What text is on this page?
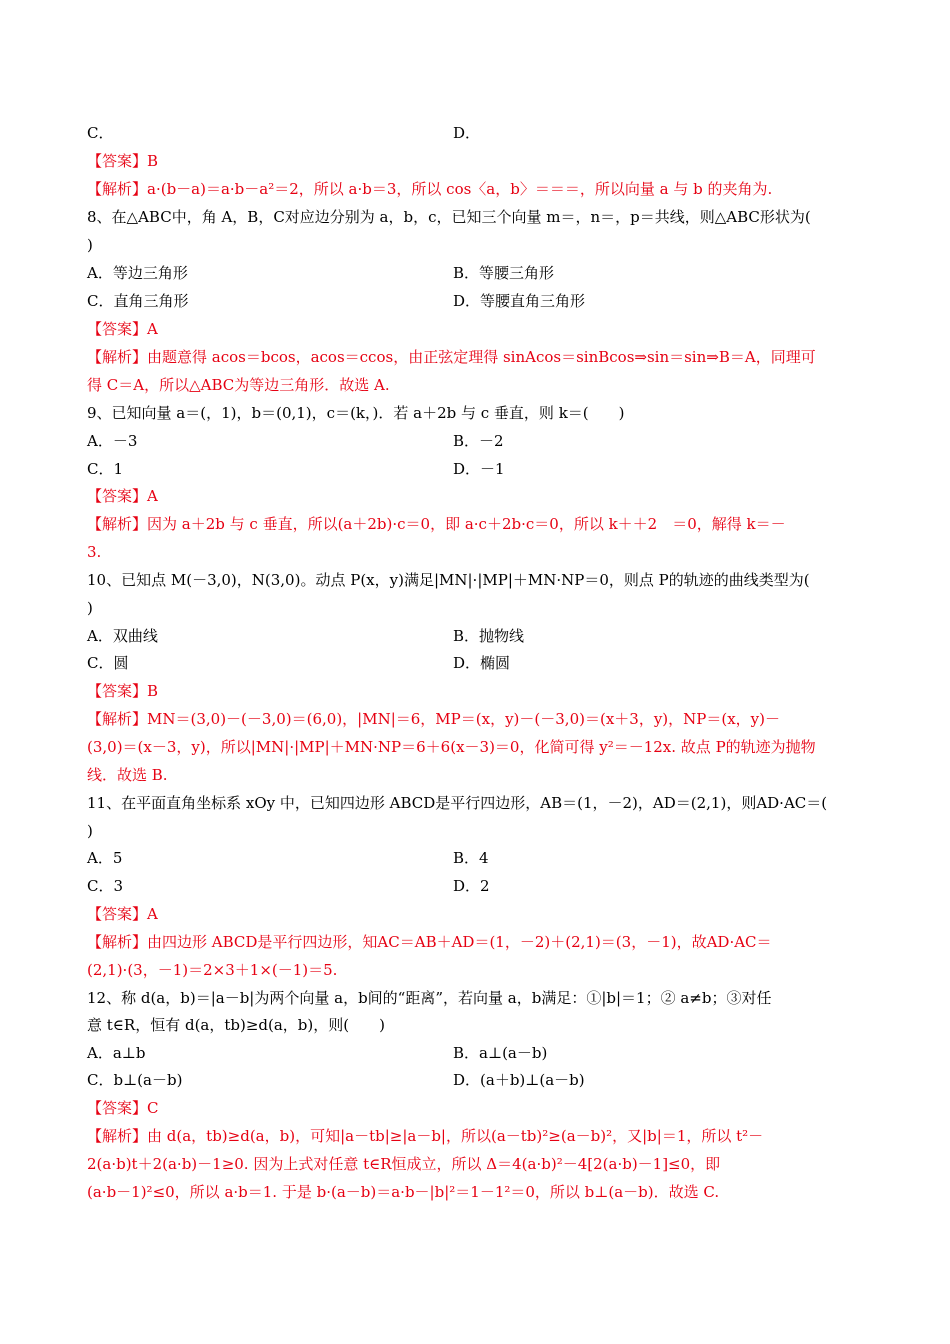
C．	D．
【答案】B
【解析】a·(b－a)＝a·b－a²＝2，所以 a·b＝3，所以 cos〈a，b〉＝＝＝，所以向量 a 与 b 的夹角为.
8、在△ABC中，角 A，B，C对应边分别为 a，b，c，已知三个向量 m＝，n＝，p＝共线，则△ABC形状为(
)
A．等边三角形	B．等腰三角形
C．直角三角形	D．等腰直角三角形
【答案】A
【解析】由题意得 acos＝bcos，acos＝ccos，由正弦定理得 sinAcos＝sinBcos⇒sin＝sin⇒B＝A，同理可
得 C＝A，所以△ABC为等边三角形．故选 A.
9、已知向量 a＝(，1)，b＝(0,1)，c＝(k，)．若 a＋2b 与 c 垂直，则 k＝(　　)
A．－3	B．－2
C．1	D．－1
【答案】A
【解析】因为 a＋2b 与 c 垂直，所以(a＋2b)·c＝0，即 a·c＋2b·c＝0，所以 k＋＋2　＝0，解得 k＝－
3.
10、已知点 M(－3,0)，N(3,0)。动点 P(x，y)满足|MN|·|MP|＋MN·NP＝0，则点 P的轨迹的曲线类型为(
)
A．双曲线	B．抛物线
C．圆	D．椭圆
【答案】B
【解析】MN＝(3,0)－(－3,0)＝(6,0)，|MN|＝6，MP＝(x，y)－(－3,0)＝(x＋3，y)，NP＝(x，y)－
(3,0)＝(x－3，y)，所以|MN|·|MP|＋MN·NP＝6＋6(x－3)＝0，化简可得 y²＝－12x. 故点 P的轨迹为抛物
线．故选 B.
11、在平面直角坐标系 xOy 中，已知四边形 ABCD是平行四边形，AB＝(1，－2)，AD＝(2,1)，则AD·AC＝(
)
A．5	B．4
C．3	D．2
【答案】A
【解析】由四边形 ABCD是平行四边形，知AC＝AB＋AD＝(1，－2)＋(2,1)＝(3，－1)，故AD·AC＝
(2,1)·(3，－1)＝2×3＋1×(－1)＝5.
12、称 d(a，b)＝|a－b|为两个向量 a，b间的“距离”，若向量 a，b满足：①|b|＝1；② a≠b；③对任
意 t∈R，恒有 d(a，tb)≥d(a，b)，则(　　)
A．a⊥b	B．a⊥(a－b)
C．b⊥(a－b)	D．(a＋b)⊥(a－b)
【答案】C
【解析】由 d(a，tb)≥d(a，b)，可知|a－tb|≥|a－b|，所以(a－tb)²≥(a－b)²，又|b|＝1，所以 t²－
2(a·b)t＋2(a·b)－1≥0. 因为上式对任意 t∈R恒成立，所以 Δ＝4(a·b)²－4[2(a·b)－1]≤0，即
(a·b－1)²≤0，所以 a·b＝1. 于是 b·(a－b)＝a·b－|b|²＝1－1²＝0，所以 b⊥(a－b)．故选 C.
